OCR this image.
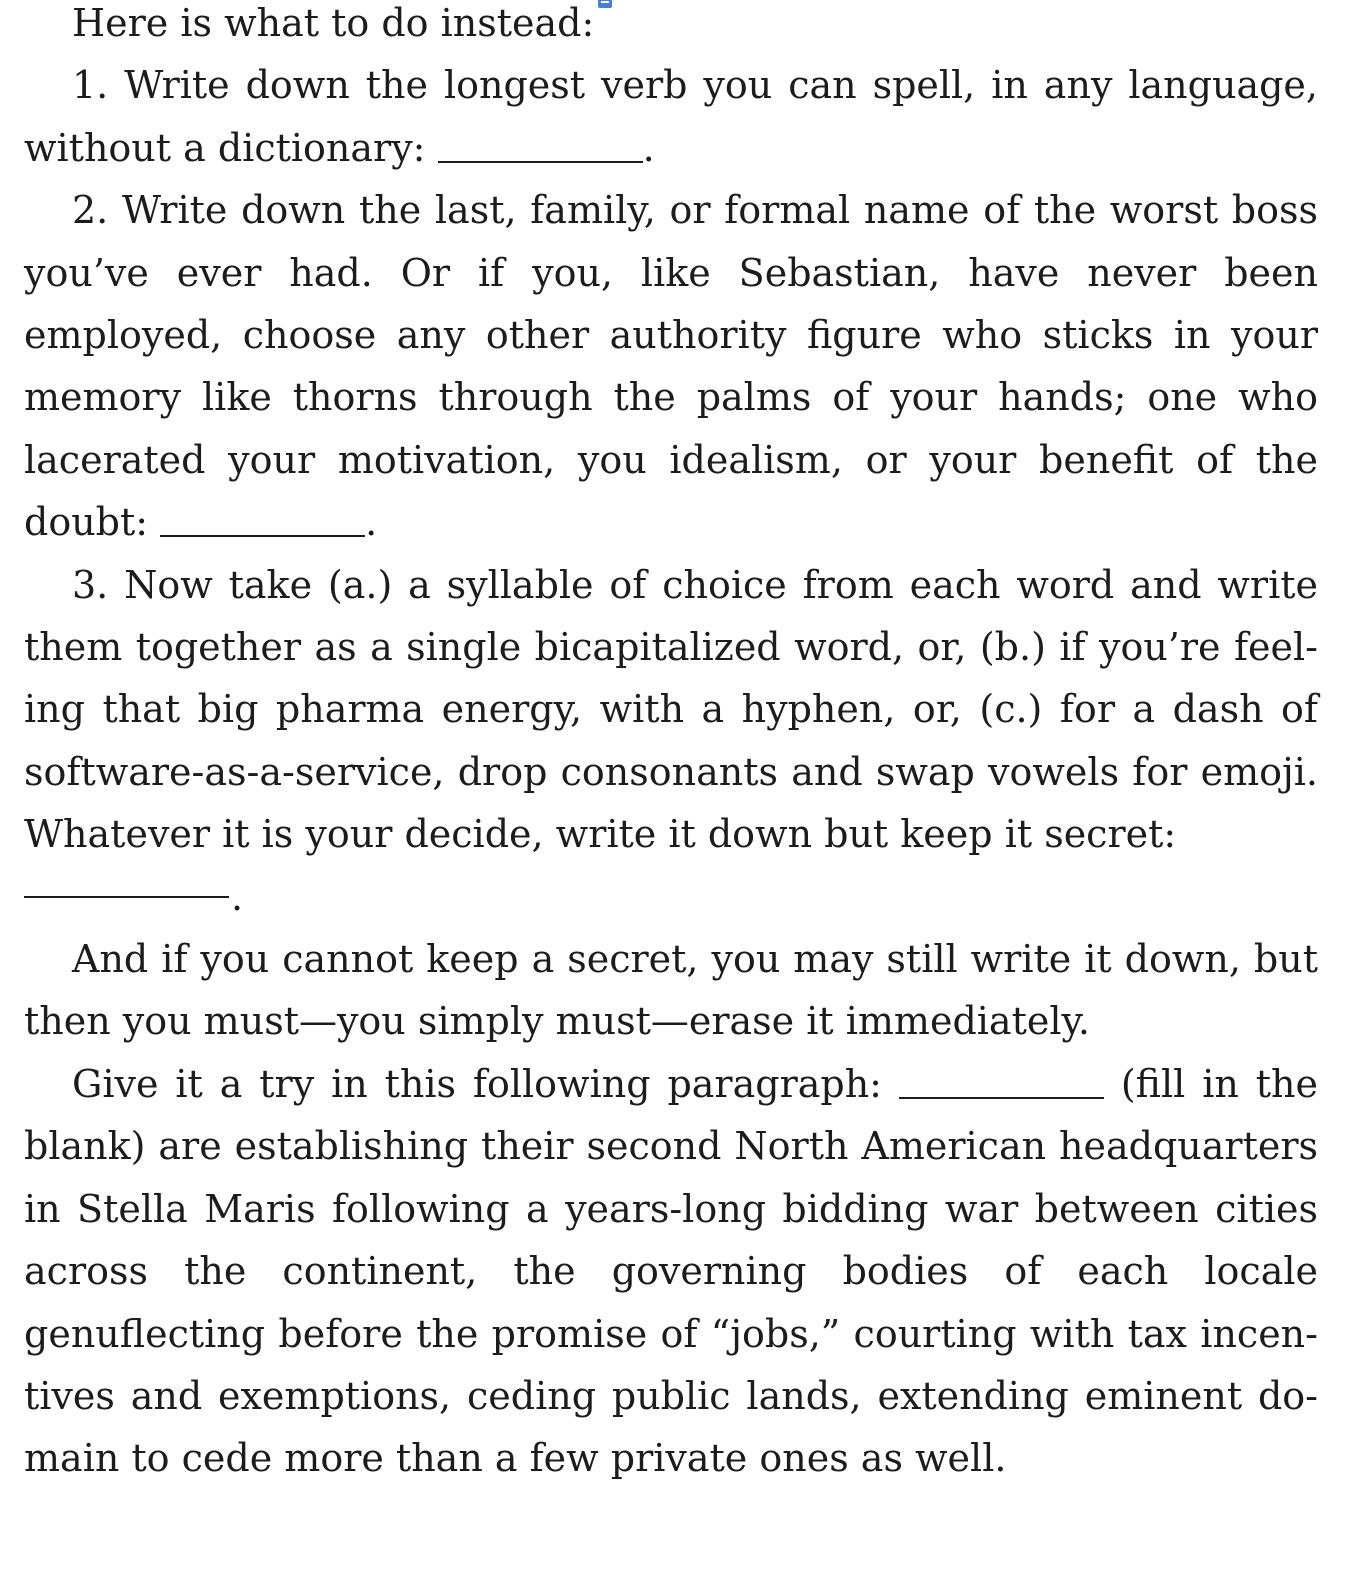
Here is what to do instead:

1. Write down the longest verb you can spell, in any language, without a dictionary:	.

2. Write down the last, family, or formal name of the worst boss you’ve ever had. Or if you, like Sebastian, have never been employed, choose any other authority figure who sticks in your memory like thorns through the palms of your hands; one who lacerated your motivation, you idealism, or your benefit of the doubt:	.

3. Now take (a.) a syllable of choice from each word and write them together as a single bicapitalized word, or, (b.) if you’re feeling that big pharma energy, with a hyphen, or, (c.) for a dash of software-as-a-service, drop consonants and swap vowels for emoji. Whatever it is your decide, write it down but keep it secret:

.

And if you cannot keep a secret, you may still write it down, but then you must—you simply must—erase it immediately.

Give it a try in this following paragraph:	(fill in the blank) are establishing their second North American headquarters in Stella Maris following a years-long bidding war between cities across the continent, the governing bodies of each locale genuflecting before the promise of “jobs,” courting with tax incentives and exemptions, ceding public lands, extending eminent domain to cede more than a few private ones as well.
